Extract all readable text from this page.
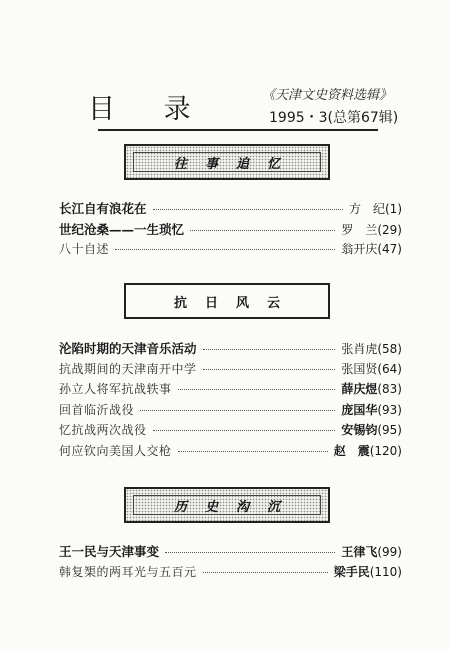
目 录	《天津文史资料选辑》
1995・3(总第67辑)
往事追忆
长江自有浪花在	方　纪 (1)
世纪沧桑——一生琐忆	罗　兰 (29)
八十自述	翁开庆 (47)
抗日风云
沦陷时期的天津音乐活动	张肖虎 (58)
抗战期间的天津南开中学	张国贤 (64)
孙立人将军抗战轶事	薛庆煜 (83)
回首临沂战役	庞国华 (93)
忆抗战两次战役	安锡钧 (95)
何应钦向美国人交枪	赵　震 (120)
历史沟沉
王一民与天津事变	王律飞 (99)
韩复榘的两耳光与五百元	梁手民 (110)
